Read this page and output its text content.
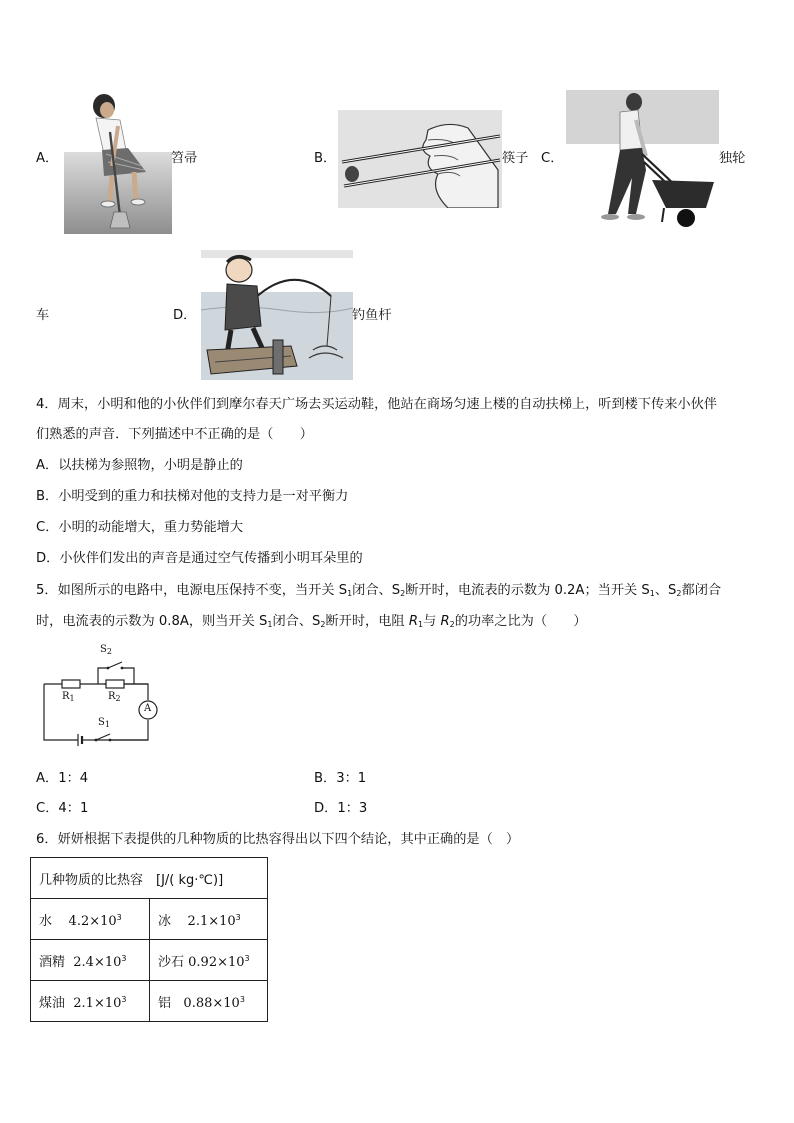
A．	笤帚	B．	筷子 C．	独轮
车	D．	钓鱼杆
4．周末，小明和他的小伙伴们到摩尔春天广场去买运动鞋，他站在商场匀速上楼的自动扶梯上，听到楼下传来小伙伴
们熟悉的声音．下列描述中不正确的是（　　）
A．以扶梯为参照物，小明是静止的
B．小明受到的重力和扶梯对他的支持力是一对平衡力
C．小明的动能增大，重力势能增大
D．小伙伴们发出的声音是通过空气传播到小明耳朵里的
5．如图所示的电路中，电源电压保持不变，当开关 $S_1$闭合、$S_2$断开时，电流表的示数为 0.2A；当开关 $S_1$、$S_2$都闭合
时，电流表的示数为 0.8A，则当开关 $S_1$闭合、$S_2$断开时，电阻 $R_1$与 $R_2$的功率之比为（　　）
$S_2$
$R_1$	$R_2$
$S_1$
A
A．1：4	B．3：1
C．4：1	D．1：3
6．妍妍根据下表提供的几种物质的比热容得出以下四个结论，其中正确的是（　）
几种物质的比热容　[J/( kg·℃)]	
水 $4.2\times 10^3$	冰 $2.1\times 10^3$
酒精 $2.4\times 10^3$	沙石 $0.92\times 10^3$
煤油 $2.1\times 10^3$	铝 $0.88\times 10^3$
